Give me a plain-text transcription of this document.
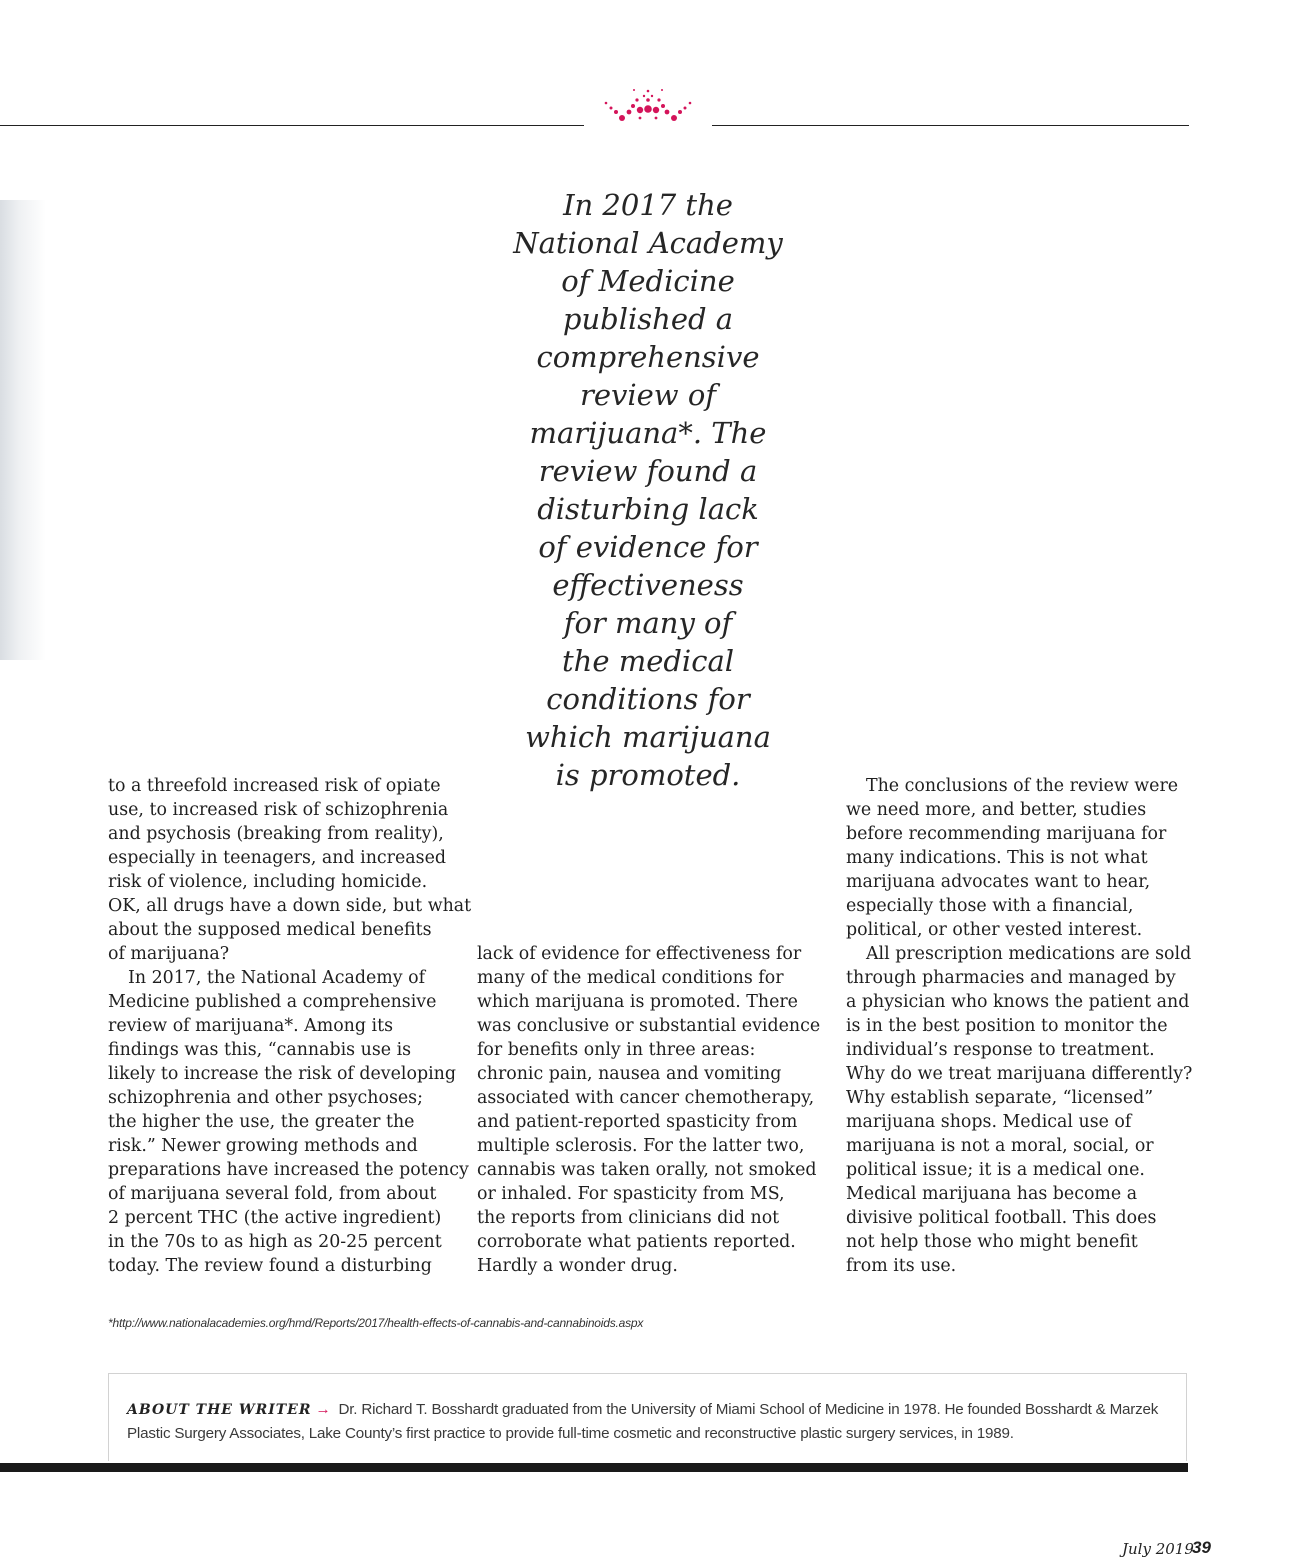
In 2017 the
National Academy
of Medicine
published a
comprehensive
review of
marijuana*. The
review found a
disturbing lack
of evidence for
effectiveness
for many of
the medical
conditions for
which marijuana
is promoted.
to a threefold increased risk of opiate
use, to increased risk of schizophrenia
and psychosis (breaking from reality),
especially in teenagers, and increased
risk of violence, including homicide.
OK, all drugs have a down side, but what
about the supposed medical benefits
of marijuana?
In 2017, the National Academy of
Medicine published a comprehensive
review of marijuana*. Among its
findings was this, “cannabis use is
likely to increase the risk of developing
schizophrenia and other psychoses;
the higher the use, the greater the
risk.” Newer growing methods and
preparations have increased the potency
of marijuana several fold, from about
2 percent THC (the active ingredient)
in the 70s to as high as 20-25 percent
today. The review found a disturbing
lack of evidence for effectiveness for
many of the medical conditions for
which marijuana is promoted. There
was conclusive or substantial evidence
for benefits only in three areas:
chronic pain, nausea and vomiting
associated with cancer chemotherapy,
and patient-reported spasticity from
multiple sclerosis. For the latter two,
cannabis was taken orally, not smoked
or inhaled. For spasticity from MS,
the reports from clinicians did not
corroborate what patients reported.
Hardly a wonder drug.
The conclusions of the review were
we need more, and better, studies
before recommending marijuana for
many indications. This is not what
marijuana advocates want to hear,
especially those with a financial,
political, or other vested interest.
All prescription medications are sold
through pharmacies and managed by
a physician who knows the patient and
is in the best position to monitor the
individual’s response to treatment.
Why do we treat marijuana differently?
Why establish separate, “licensed”
marijuana shops. Medical use of
marijuana is not a moral, social, or
political issue; it is a medical one.
Medical marijuana has become a
divisive political football. This does
not help those who might benefit
from its use.
*http://www.nationalacademies.org/hmd/Reports/2017/health-effects-of-cannabis-and-cannabinoids.aspx
ABOUT THE WRITER → Dr. Richard T. Bosshardt graduated from the University of Miami School of Medicine in 1978. He founded Bosshardt & Marzek
Plastic Surgery Associates, Lake County’s first practice to provide full-time cosmetic and reconstructive plastic surgery services, in 1989.
July 2019
39
